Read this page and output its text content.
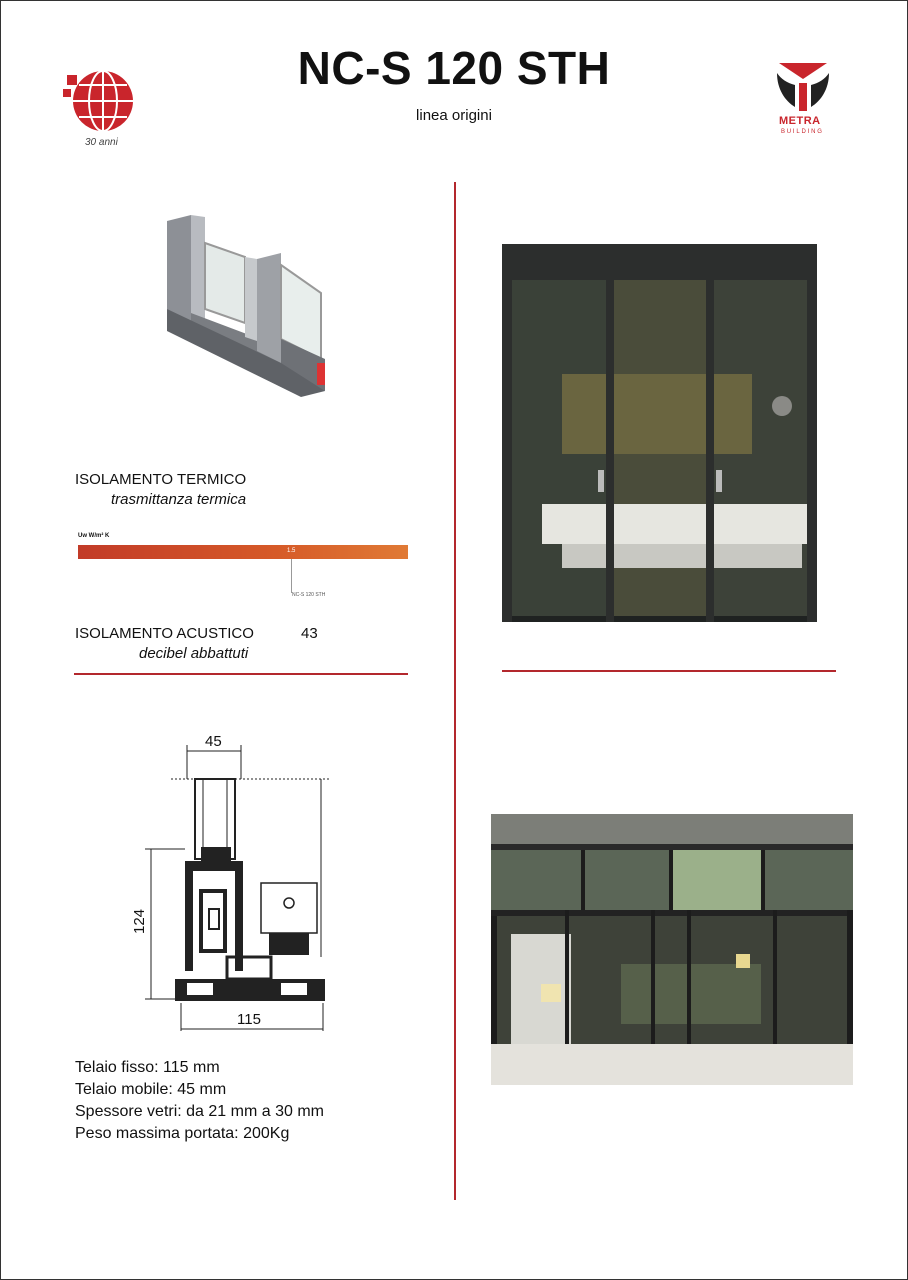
30 anni
NC-S 120 STH
linea origini	METRA
BUILDING
ISOLAMENTO TERMICO
trasmittanza termica
Uw W/m² K
1.5
NC-S 120 STH
ISOLAMENTO ACUSTICO	43
decibel abbattuti
45
124
115
Telaio fisso: 115 mm
Telaio mobile: 45 mm
Spessore vetri: da 21 mm a 30 mm
Peso massima portata: 200Kg
